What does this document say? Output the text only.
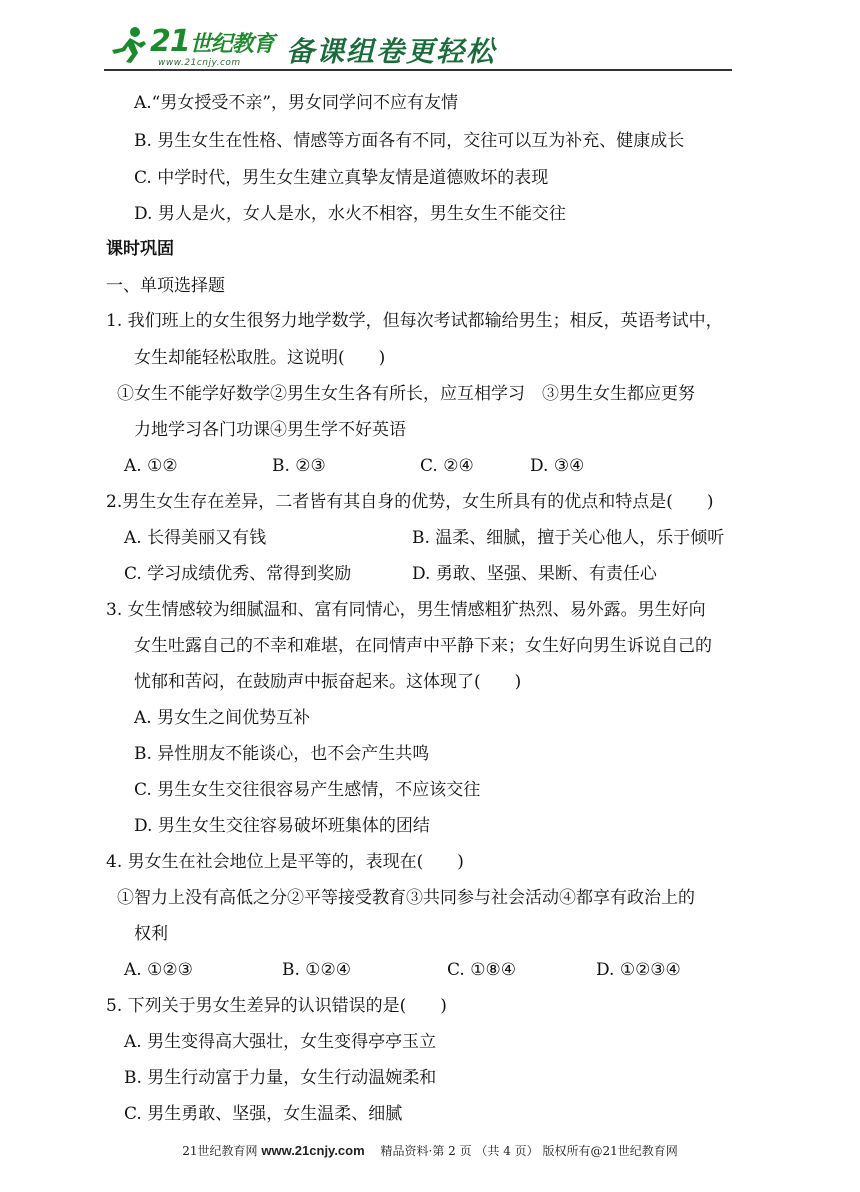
21世纪教育
www.21cnjy.com 备课组卷更轻松
A.“男女授受不亲”，男女同学问不应有友情
B. 男生女生在性格、情感等方面各有不同，交往可以互为补充、健康成长
C. 中学时代，男生女生建立真挚友情是道德败坏的表现
D. 男人是火，女人是水，水火不相容，男生女生不能交往
课时巩固
一、单项选择题
1. 我们班上的女生很努力地学数学，但每次考试都输给男生；相反，英语考试中，
女生却能轻松取胜。这说明(　　)
①女生不能学好数学②男生女生各有所长，应互相学习　③男生女生都应更努
力地学习各门功课④男生学不好英语
A. ①②	B. ②③	C. ②④	D. ③④
2.男生女生存在差异，二者皆有其自身的优势，女生所具有的优点和特点是(　　)
A. 长得美丽又有钱	B. 温柔、细腻，擅于关心他人，乐于倾听
C. 学习成绩优秀、常得到奖励	D. 勇敢、坚强、果断、有责任心
3. 女生情感较为细腻温和、富有同情心，男生情感粗犷热烈、易外露。男生好向
女生吐露自己的不幸和难堪，在同情声中平静下来；女生好向男生诉说自己的
忧郁和苦闷，在鼓励声中振奋起来。这体现了(　　)
A. 男女生之间优势互补
B. 异性朋友不能谈心，也不会产生共鸣
C. 男生女生交往很容易产生感情，不应该交往
D. 男生女生交往容易破坏班集体的团结
4. 男女生在社会地位上是平等的，表现在(　　)
①智力上没有高低之分②平等接受教育③共同参与社会活动④都享有政治上的
权利
A. ①②③	B. ①②④	C. ①⑧④	D. ①②③④
5. 下列关于男女生差异的认识错误的是(　　)
A. 男生变得高大强壮，女生变得亭亭玉立
B. 男生行动富于力量，女生行动温婉柔和
C. 男生勇敢、坚强，女生温柔、细腻
21世纪教育网 www.21cnjy.com 　精品资料·第 2 页 （共 4 页） 版权所有@21世纪教育网
